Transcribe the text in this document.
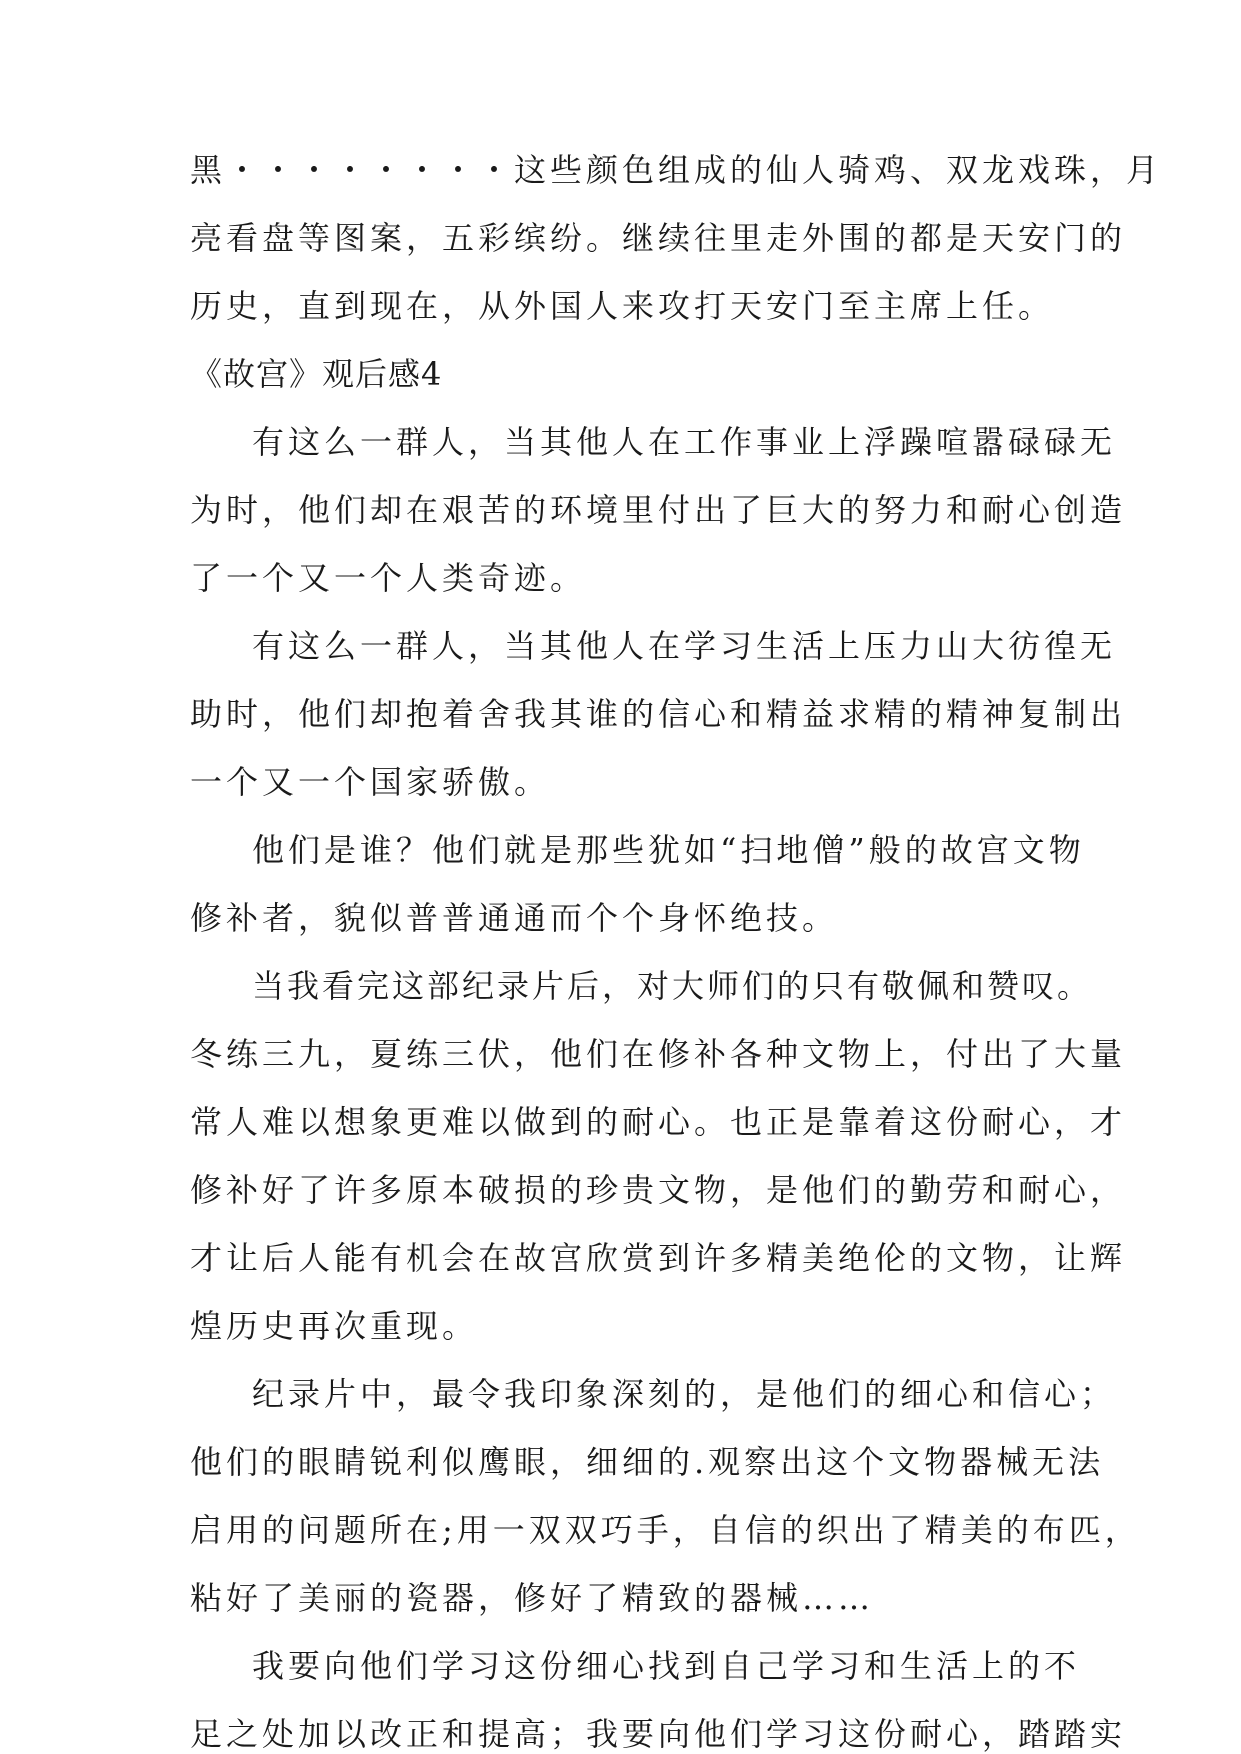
黑・・・・・・・・这些颜色组成的仙人骑鸡、双龙戏珠，月
亮看盘等图案，五彩缤纷。继续往里走外围的都是天安门的
历史，直到现在，从外国人来攻打天安门至主席上任。
《故宫》观后感4
有这么一群人，当其他人在工作事业上浮躁喧嚣碌碌无
为时，他们却在艰苦的环境里付出了巨大的努力和耐心创造
了一个又一个人类奇迹。
有这么一群人，当其他人在学习生活上压力山大彷徨无
助时，他们却抱着舍我其谁的信心和精益求精的精神复制出
一个又一个国家骄傲。
他们是谁？他们就是那些犹如“扫地僧”般的故宫文物
修补者，貌似普普通通而个个身怀绝技。
当我看完这部纪录片后，对大师们的只有敬佩和赞叹。
冬练三九，夏练三伏，他们在修补各种文物上，付出了大量
常人难以想象更难以做到的耐心。也正是靠着这份耐心，才
修补好了许多原本破损的珍贵文物，是他们的勤劳和耐心，
才让后人能有机会在故宫欣赏到许多精美绝伦的文物，让辉
煌历史再次重现。
纪录片中，最令我印象深刻的，是他们的细心和信心；
他们的眼睛锐利似鹰眼，细细的.观察出这个文物器械无法
启用的问题所在;用一双双巧手，自信的织出了精美的布匹，
粘好了美丽的瓷器，修好了精致的器械……
我要向他们学习这份细心找到自己学习和生活上的不
足之处加以改正和提高；我要向他们学习这份耐心，踏踏实
